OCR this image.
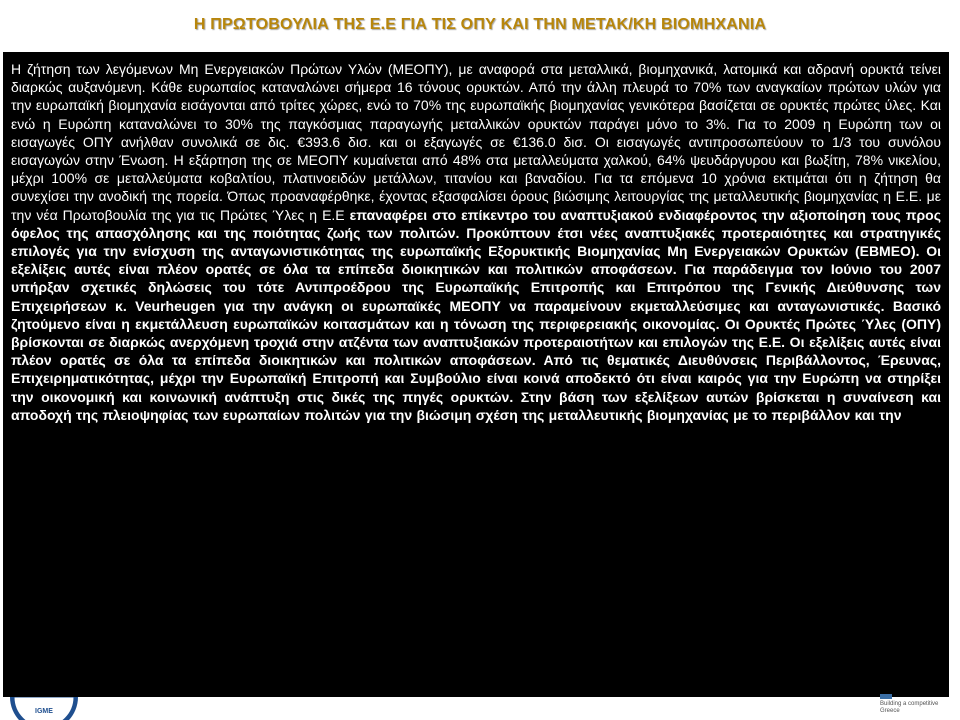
Η ΠΡΩΤΟΒΟΥΛΙΑ ΤΗΣ Ε.Ε ΓΙΑ ΤΙΣ ΟΠΥ ΚΑΙ ΤΗΝ ΜΕΤΑΚ/ΚΗ ΒΙΟΜΗΧΑΝΙΑ

Η ζήτηση των λεγόμενων Μη Ενεργειακών Πρώτων Υλών (ΜΕΟΠΥ), με αναφορά στα μεταλλικά, βιομηχανικά, λατομικά και αδρανή ορυκτά τείνει διαρκώς αυξανόμενη. Κάθε ευρωπαίος καταναλώνει σήμερα 16 τόνους ορυκτών. Από την άλλη πλευρά το 70% των αναγκαίων πρώτων υλών για την ευρωπαϊκή βιομηχανία εισάγονται από τρίτες χώρες, ενώ το 70% της ευρωπαϊκής βιομηχανίας γενικότερα βασίζεται σε ορυκτές πρώτες ύλες. Και ενώ η Ευρώπη καταναλώνει το 30% της παγκόσμιας παραγωγής μεταλλικών ορυκτών παράγει μόνο το 3%. Για το 2009 η Ευρώπη των οι εισαγωγές ΟΠΥ ανήλθαν συνολικά σε δις. €393.6 δισ. και οι εξαγωγές σε €136.0 δισ. Οι εισαγωγές αντιπροσωπεύουν το 1/3 του συνόλου εισαγωγών στην Ένωση. Η εξάρτηση της σε ΜΕΟΠΥ κυμαίνεται από 48% στα μεταλλεύματα χαλκού, 64% ψευδάργυρου και βωξίτη, 78% νικελίου, μέχρι 100% σε μεταλλεύματα κοβαλτίου, πλατινοειδών μετάλλων, τιτανίου και βαναδίου. Για τα επόμενα 10 χρόνια εκτιμάται ότι η ζήτηση θα συνεχίσει την ανοδική της πορεία. Όπως προαναφέρθηκε, έχοντας εξασφαλίσει όρους βιώσιμης λειτουργίας της μεταλλευτικής βιομηχανίας η Ε.Ε. με την νέα Πρωτοβουλία της για τις Πρώτες Ύλες η Ε.Ε επαναφέρει στο επίκεντρο του αναπτυξιακού ενδιαφέροντος την αξιοποίηση τους προς όφελος της απασχόλησης και της ποιότητας ζωής των πολιτών. Προκύπτουν έτσι νέες αναπτυξιακές προτεραιότητες και στρατηγικές επιλογές για την ενίσχυση της ανταγωνιστικότητας της ευρωπαϊκής Εξορυκτικής Βιομηχανίας Μη Ενεργειακών Ορυκτών (ΕΒΜΕΟ). Οι εξελίξεις αυτές είναι πλέον ορατές σε όλα τα επίπεδα διοικητικών και πολιτικών αποφάσεων. Για παράδειγμα τον Ιούνιο του 2007 υπήρξαν σχετικές δηλώσεις του τότε Αντιπροέδρου της Ευρωπαϊκής Επιτροπής και Επιτρόπου της Γενικής Διεύθυνσης των Επιχειρήσεων κ. Veurheugen για την ανάγκη οι ευρωπαϊκές ΜΕΟΠΥ να παραμείνουν εκμεταλλεύσιμες και ανταγωνιστικές. Βασικό ζητούμενο είναι η εκμετάλλευση ευρωπαϊκών κοιτασμάτων και η τόνωση της περιφερειακής οικονομίας. Οι Ορυκτές Πρώτες Ύλες (ΟΠΥ) βρίσκονται σε διαρκώς ανερχόμενη τροχιά στην ατζέντα των αναπτυξιακών προτεραιοτήτων και επιλογών της Ε.Ε. Οι εξελίξεις αυτές είναι πλέον ορατές σε όλα τα επίπεδα διοικητικών και πολιτικών αποφάσεων. Από τις θεματικές Διευθύνσεις Περιβάλλοντος, Έρευνας, Επιχειρηματικότητας, μέχρι την Ευρωπαϊκή Επιτροπή και Συμβούλιο είναι κοινά αποδεκτό ότι είναι καιρός για την Ευρώπη να στηρίξει την οικονομική και κοινωνική ανάπτυξη στις δικές της πηγές ορυκτών. Στην βάση των εξελίξεων αυτών βρίσκεται η συναίνεση και αποδοχή της πλειοψηφίας των ευρωπαίων πολιτών για την βιώσιμη σχέση της μεταλλευτικής βιομηχανίας με το περιβάλλον και την

IGME
Building a competitive
Greece
